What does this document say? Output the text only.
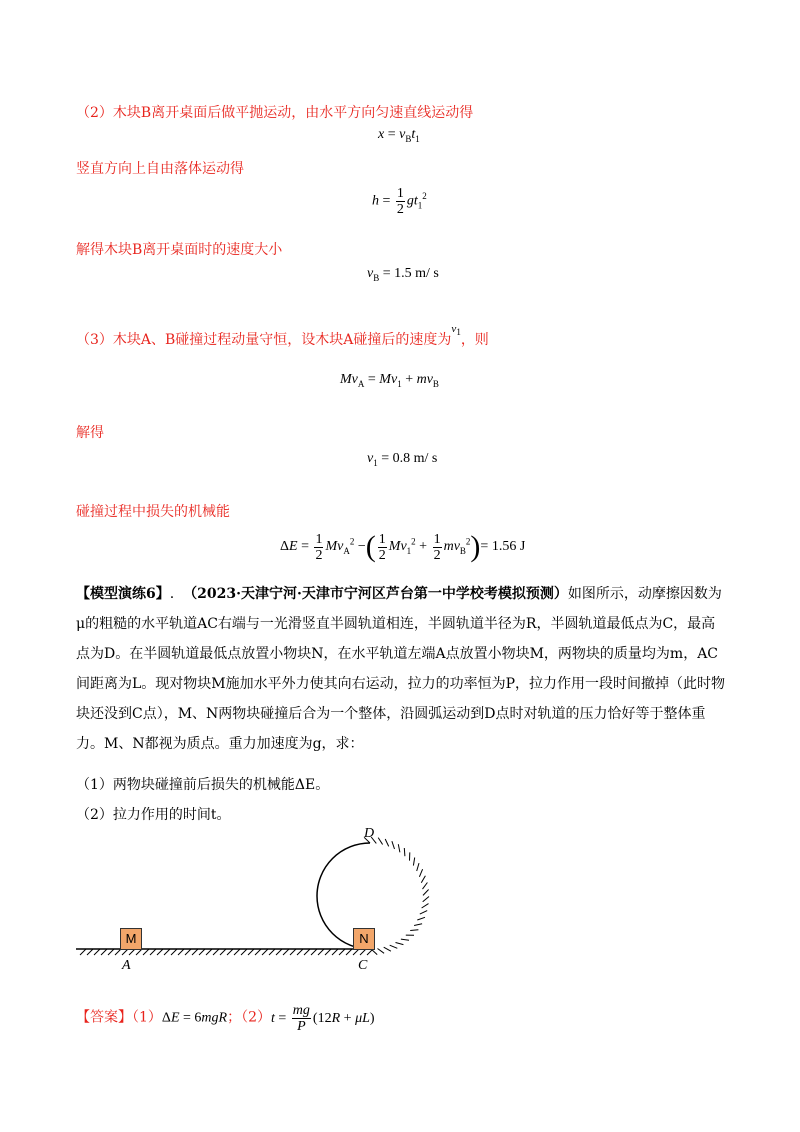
（2）木块B离开桌面后做平抛运动，由水平方向匀速直线运动得
$x = v_Bt_1$
竖直方向上自由落体运动得
$h = \frac{1}{2} gt_1^2$
解得木块B离开桌面时的速度大小
$v_B = 1.5$ m/ s
（3）木块A、B碰撞过程动量守恒，设木块A碰撞后的速度为$^{v_1}$，则
$Mv_A = Mv_1 + mv_B$
解得
$v_1 = 0.8$ m/ s
碰撞过程中损失的机械能
$\Delta E = \frac{1}{2} Mv_A^2$ −( $\frac{1}{2} Mv_1^2 + \frac{1}{2} mv_B^2)= 1.56$ J
【模型演练6】. （2023·天津宁河·天津市宁河区芦台第一中学校考模拟预测）如图所示，动摩擦因数为μ的粗糙的水平轨道AC右端与一光滑竖直半圆轨道相连，半圆轨道半径为R，半圆轨道最低点为C，最高点为D。在半圆轨道最低点放置小物块N，在水平轨道左端A点放置小物块M，两物块的质量均为m，AC间距离为L。现对物块M施加水平外力使其向右运动，拉力的功率恒为P，拉力作用一段时间撤掉（此时物块还没到C点），M、N两物块碰撞后合为一个整体，沿圆弧运动到D点时对轨道的压力恰好等于整体重力。M、N都视为质点。重力加速度为g，求：
（1）两物块碰撞前后损失的机械能ΔE。
（2）拉力作用的时间t。
M	N
A	C
D
【答案】（1）ΔE = 6mgR；$(2)t = \frac{mg}{P} (12R + \mu L)$
